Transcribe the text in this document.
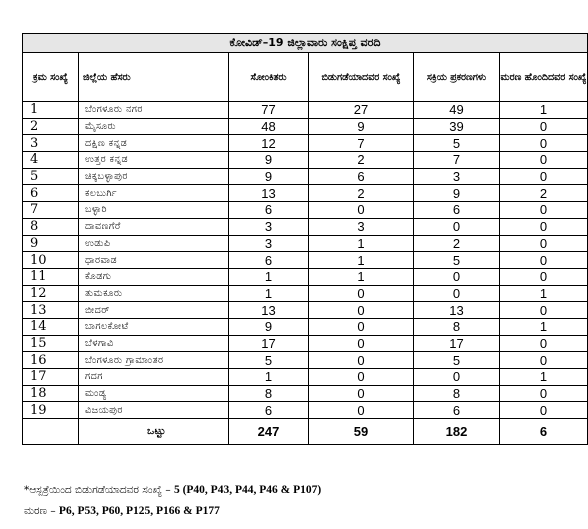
ಕೋವಿಡ್–19 ಜಿಲ್ಲಾವಾರು ಸಂಕ್ಷಿಪ್ತ ವರದಿ					
ಕ್ರಮ ಸಂಖ್ಯೆ	ಜಿಲ್ಲೆಯ ಹೆಸರು	ಸೋಂಕಿತರು	ಬಿಡುಗಡೆಯಾದವರ ಸಂಖ್ಯೆ	ಸಕ್ರಿಯ ಪ್ರಕರಣಗಳು	ಮರಣ ಹೊಂದಿದವರ ಸಂಖ್ಯೆ
1	ಬೆಂಗಳೂರು ನಗರ	77	27	49	1
2	ಮೈಸೂರು	48	9	39	0
3	ದಕ್ಷಿಣ ಕನ್ನಡ	12	7	5	0
4	ಉತ್ತರ ಕನ್ನಡ	9	2	7	0
5	ಚಿಕ್ಕಬಳ್ಳಾಪುರ	9	6	3	0
6	ಕಲಬುರ್ಗಿ	13	2	9	2
7	ಬಳ್ಳಾರಿ	6	0	6	0
8	ದಾವಣಗೆರೆ	3	3	0	0
9	ಉಡುಪಿ	3	1	2	0
10	ಧಾರವಾಡ	6	1	5	0
11	ಕೊಡಗು	1	1	0	0
12	ತುಮಕೂರು	1	0	0	1
13	ಬೀದರ್	13	0	13	0
14	ಬಾಗಲಕೋಟೆ	9	0	8	1
15	ಬೆಳಗಾವಿ	17	0	17	0
16	ಬೆಂಗಳೂರು ಗ್ರಾಮಾಂತರ	5	0	5	0
17	ಗದಗ	1	0	0	1
18	ಮಂಡ್ಯ	8	0	8	0
19	ವಿಜಯಪುರ	6	0	6	0
	ಒಟ್ಟು	247	59	182	6
*ಆಸ್ಪತ್ರೆಯಿಂದ ಬಿಡುಗಡೆಯಾದವರ ಸಂಖ್ಯೆ – 5 (P40, P43, P44, P46 & P107)
ಮರಣ – P6, P53, P60, P125, P166 & P177
